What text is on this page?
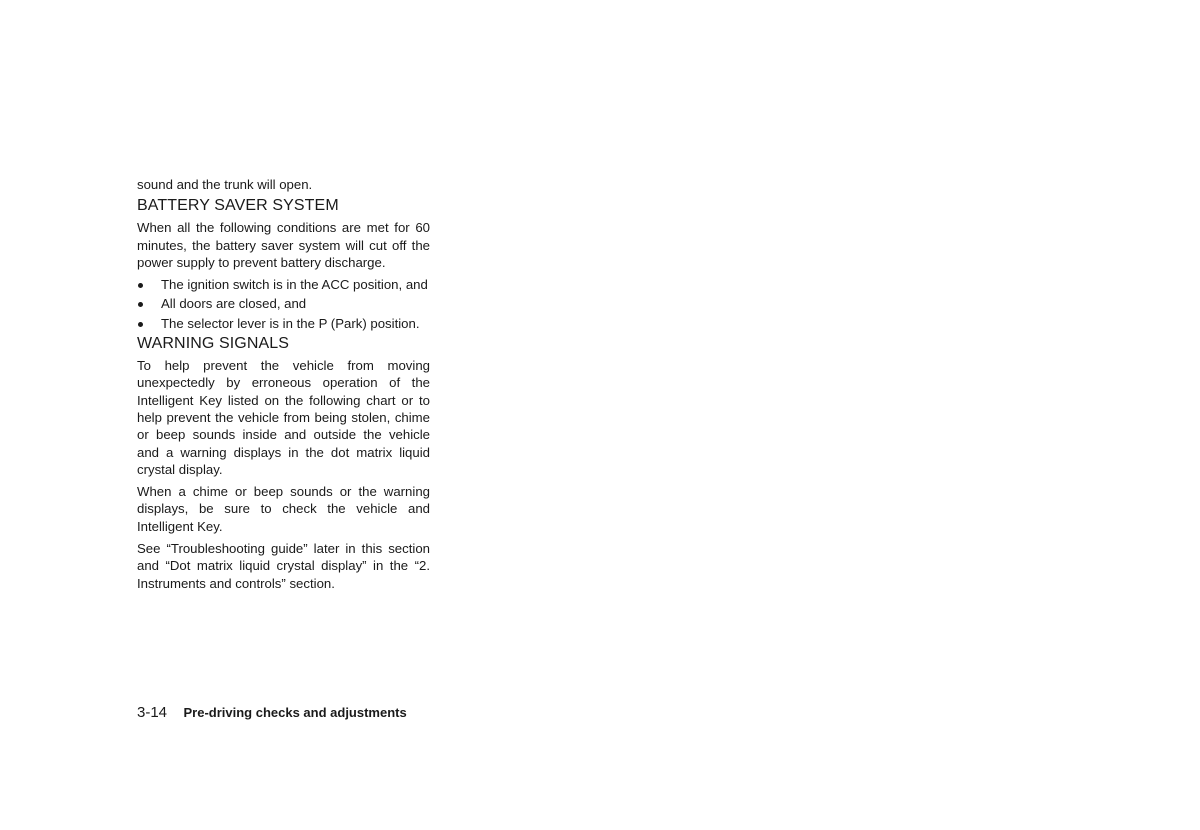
sound and the trunk will open.

BATTERY SAVER SYSTEM

When all the following conditions are met for 60 minutes, the battery saver system will cut off the power supply to prevent battery discharge.

The ignition switch is in the ACC position, and
All doors are closed, and
The selector lever is in the P (Park) position.
WARNING SIGNALS

To help prevent the vehicle from moving unexpectedly by erroneous operation of the Intelligent Key listed on the following chart or to help prevent the vehicle from being stolen, chime or beep sounds inside and outside the vehicle and a warning displays in the dot matrix liquid crystal display.

When a chime or beep sounds or the warning displays, be sure to check the vehicle and Intelligent Key.

See “Troubleshooting guide” later in this section and “Dot matrix liquid crystal display” in the “2. Instruments and controls” section.

3-14 Pre-driving checks and adjustments
